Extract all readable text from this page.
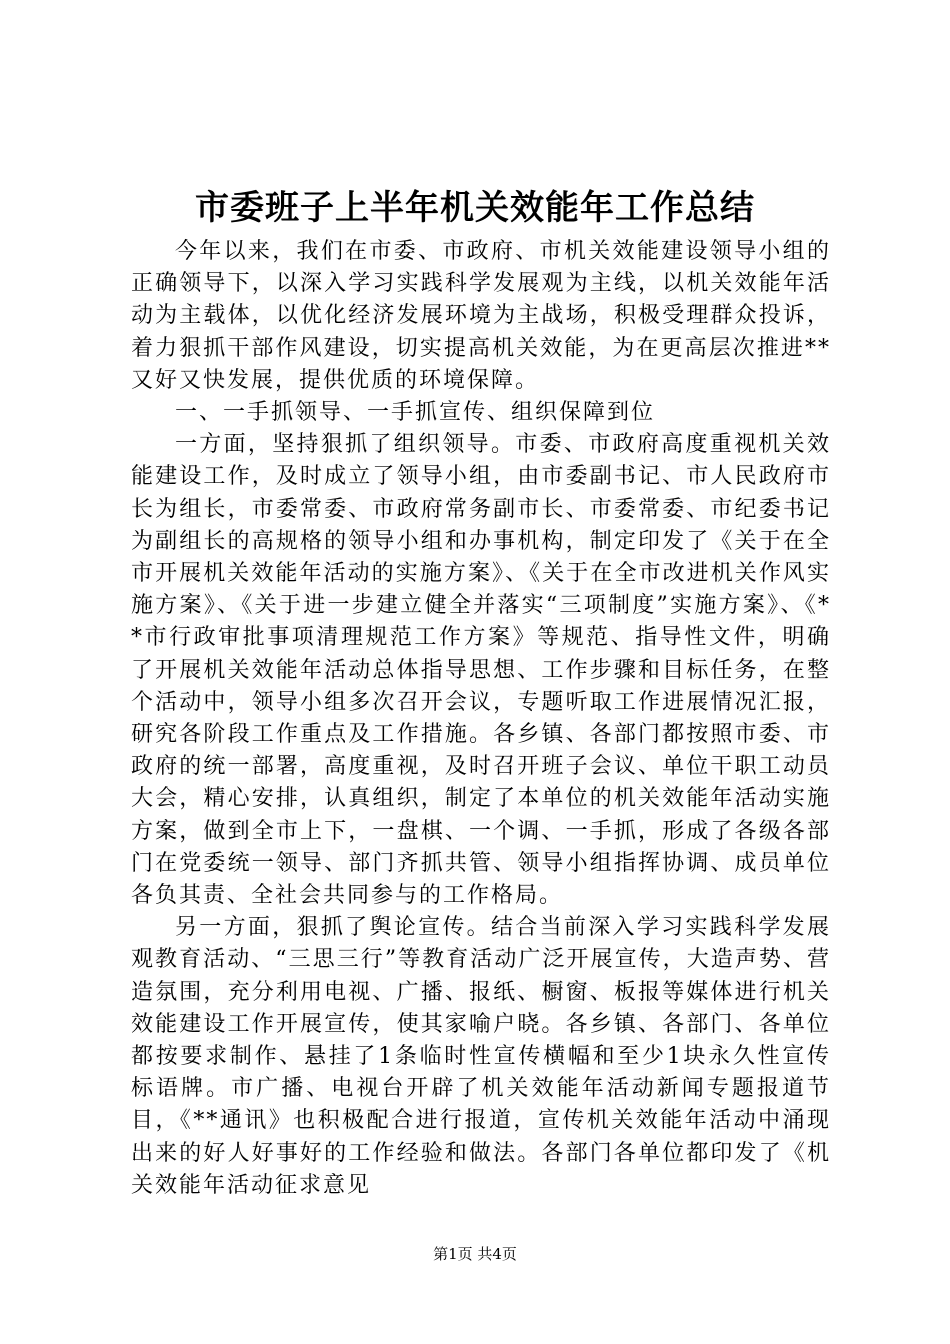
市委班子上半年机关效能年工作总结

今年以来，我们在市委、市政府、市机关效能建设领导小组的正确领导下，以深入学习实践科学发展观为主线，以机关效能年活动为主载体，以优化经济发展环境为主战场，积极受理群众投诉，着力狠抓干部作风建设，切实提高机关效能，为在更高层次推进**又好又快发展，提供优质的环境保障。

一、一手抓领导、一手抓宣传、组织保障到位

一方面，坚持狠抓了组织领导。市委、市政府高度重视机关效能建设工作，及时成立了领导小组，由市委副书记、市人民政府市长为组长，市委常委、市政府常务副市长、市委常委、市纪委书记为副组长的高规格的领导小组和办事机构，制定印发了《关于在全市开展机关效能年活动的实施方案》、《关于在全市改进机关作风实施方案》、《关于进一步建立健全并落实“三项制度”实施方案》、《**市行政审批事项清理规范工作方案》等规范、指导性文件，明确了开展机关效能年活动总体指导思想、工作步骤和目标任务，在整个活动中，领导小组多次召开会议，专题听取工作进展情况汇报，研究各阶段工作重点及工作措施。各乡镇、各部门都按照市委、市政府的统一部署，高度重视，及时召开班子会议、单位干职工动员大会，精心安排，认真组织，制定了本单位的机关效能年活动实施方案，做到全市上下，一盘棋、一个调、一手抓，形成了各级各部门在党委统一领导、部门齐抓共管、领导小组指挥协调、成员单位各负其责、全社会共同参与的工作格局。

另一方面，狠抓了舆论宣传。结合当前深入学习实践科学发展观教育活动、“三思三行”等教育活动广泛开展宣传，大造声势、营造氛围，充分利用电视、广播、报纸、橱窗、板报等媒体进行机关效能建设工作开展宣传，使其家喻户晓。各乡镇、各部门、各单位都按要求制作、悬挂了1条临时性宣传横幅和至少1块永久性宣传标语牌。市广播、电视台开辟了机关效能年活动新闻专题报道节目，《**通讯》也积极配合进行报道，宣传机关效能年活动中涌现出来的好人好事好的工作经验和做法。各部门各单位都印发了《机关效能年活动征求意见

第1页 共4页
